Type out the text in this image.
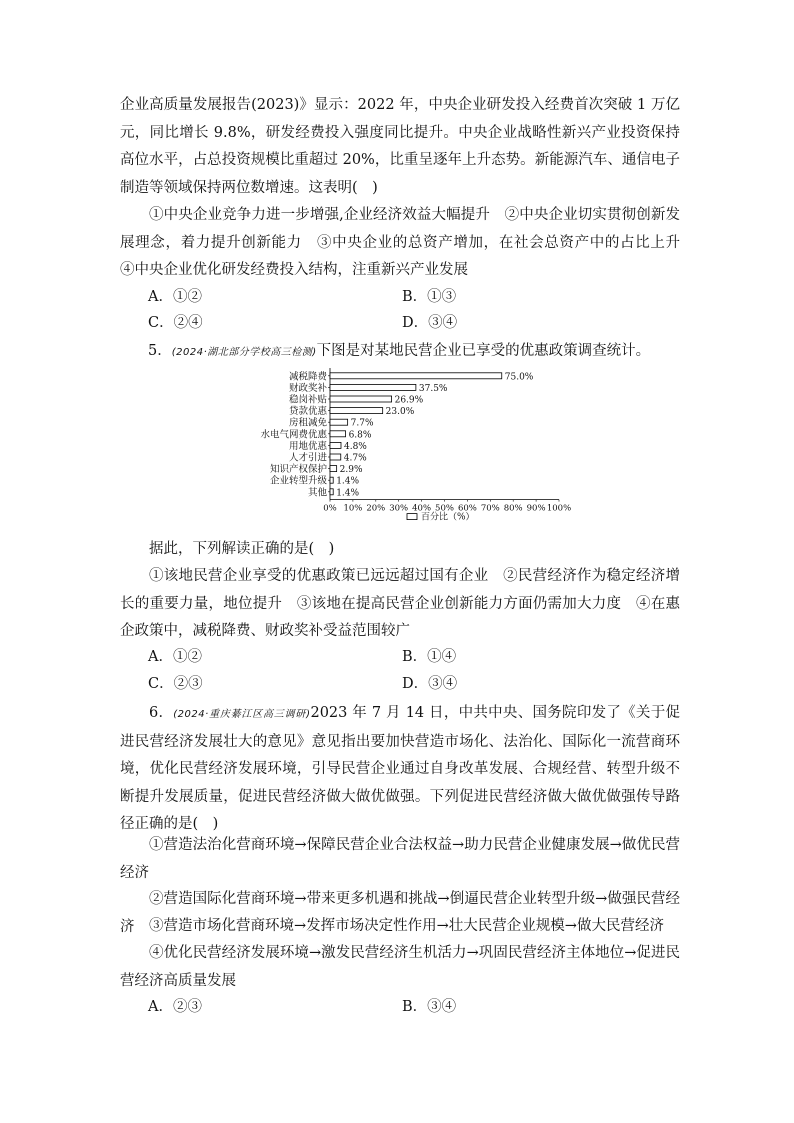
企业高质量发展报告(2023)》显示：2022 年，中央企业研发投入经费首次突破 1 万亿元，同比增长 9.8%，研发经费投入强度同比提升。中央企业战略性新兴产业投资保持高位水平，占总投资规模比重超过 20%，比重呈逐年上升态势。新能源汽车、通信电子制造等领域保持两位数增速。这表明(　)
①中央企业竞争力进一步增强,企业经济效益大幅提升　②中央企业切实贯彻创新发展理念，着力提升创新能力　③中央企业的总资产增加，在社会总资产中的占比上升　④中央企业优化研发经费投入结构，注重新兴产业发展
A．①②	B．①③
C．②④	D．③④
5．(2024·湖北部分学校高三检测)下图是对某地民营企业已享受的优惠政策调查统计。
减税降费	75.0%
财政奖补	37.5%
稳岗补贴	26.9%
贷款优惠	23.0%
房租减免	7.7%
水电气网费优惠 6.8%
用地优惠 4.8%
人才引进 4.7%
知识产权保护 2.9%
企业转型升级 1.4%
其他 1.4%
0% 10% 20% 30% 40% 50% 60% 70% 80% 90% 100%
百分比（%）
据此，下列解读正确的是(　)
①该地民营企业享受的优惠政策已远远超过国有企业　②民营经济作为稳定经济增长的重要力量，地位提升　③该地在提高民营企业创新能力方面仍需加大力度　④在惠企政策中，减税降费、财政奖补受益范围较广
A．①②	B．①④
C．②③	D．③④
6．(2024·重庆綦江区高三调研)2023 年 7 月 14 日，中共中央、国务院印发了《关于促进民营经济发展壮大的意见》意见指出要加快营造市场化、法治化、国际化一流营商环境，优化民营经济发展环境，引导民营企业通过自身改革发展、合规经营、转型升级不断提升发展质量，促进民营经济做大做优做强。下列促进民营经济做大做优做强传导路径正确的是(　)
①营造法治化营商环境→保障民营企业合法权益→助力民营企业健康发展→做优民营经济
②营造国际化营商环境→带来更多机遇和挑战→倒逼民营企业转型升级→做强民营经济	③营造市场化营商环境→发挥市场决定性作用→壮大民营企业规模→做大民营经济
④优化民营经济发展环境→激发民营经济生机活力→巩固民营经济主体地位→促进民营经济高质量发展
A．②③	B．③④
